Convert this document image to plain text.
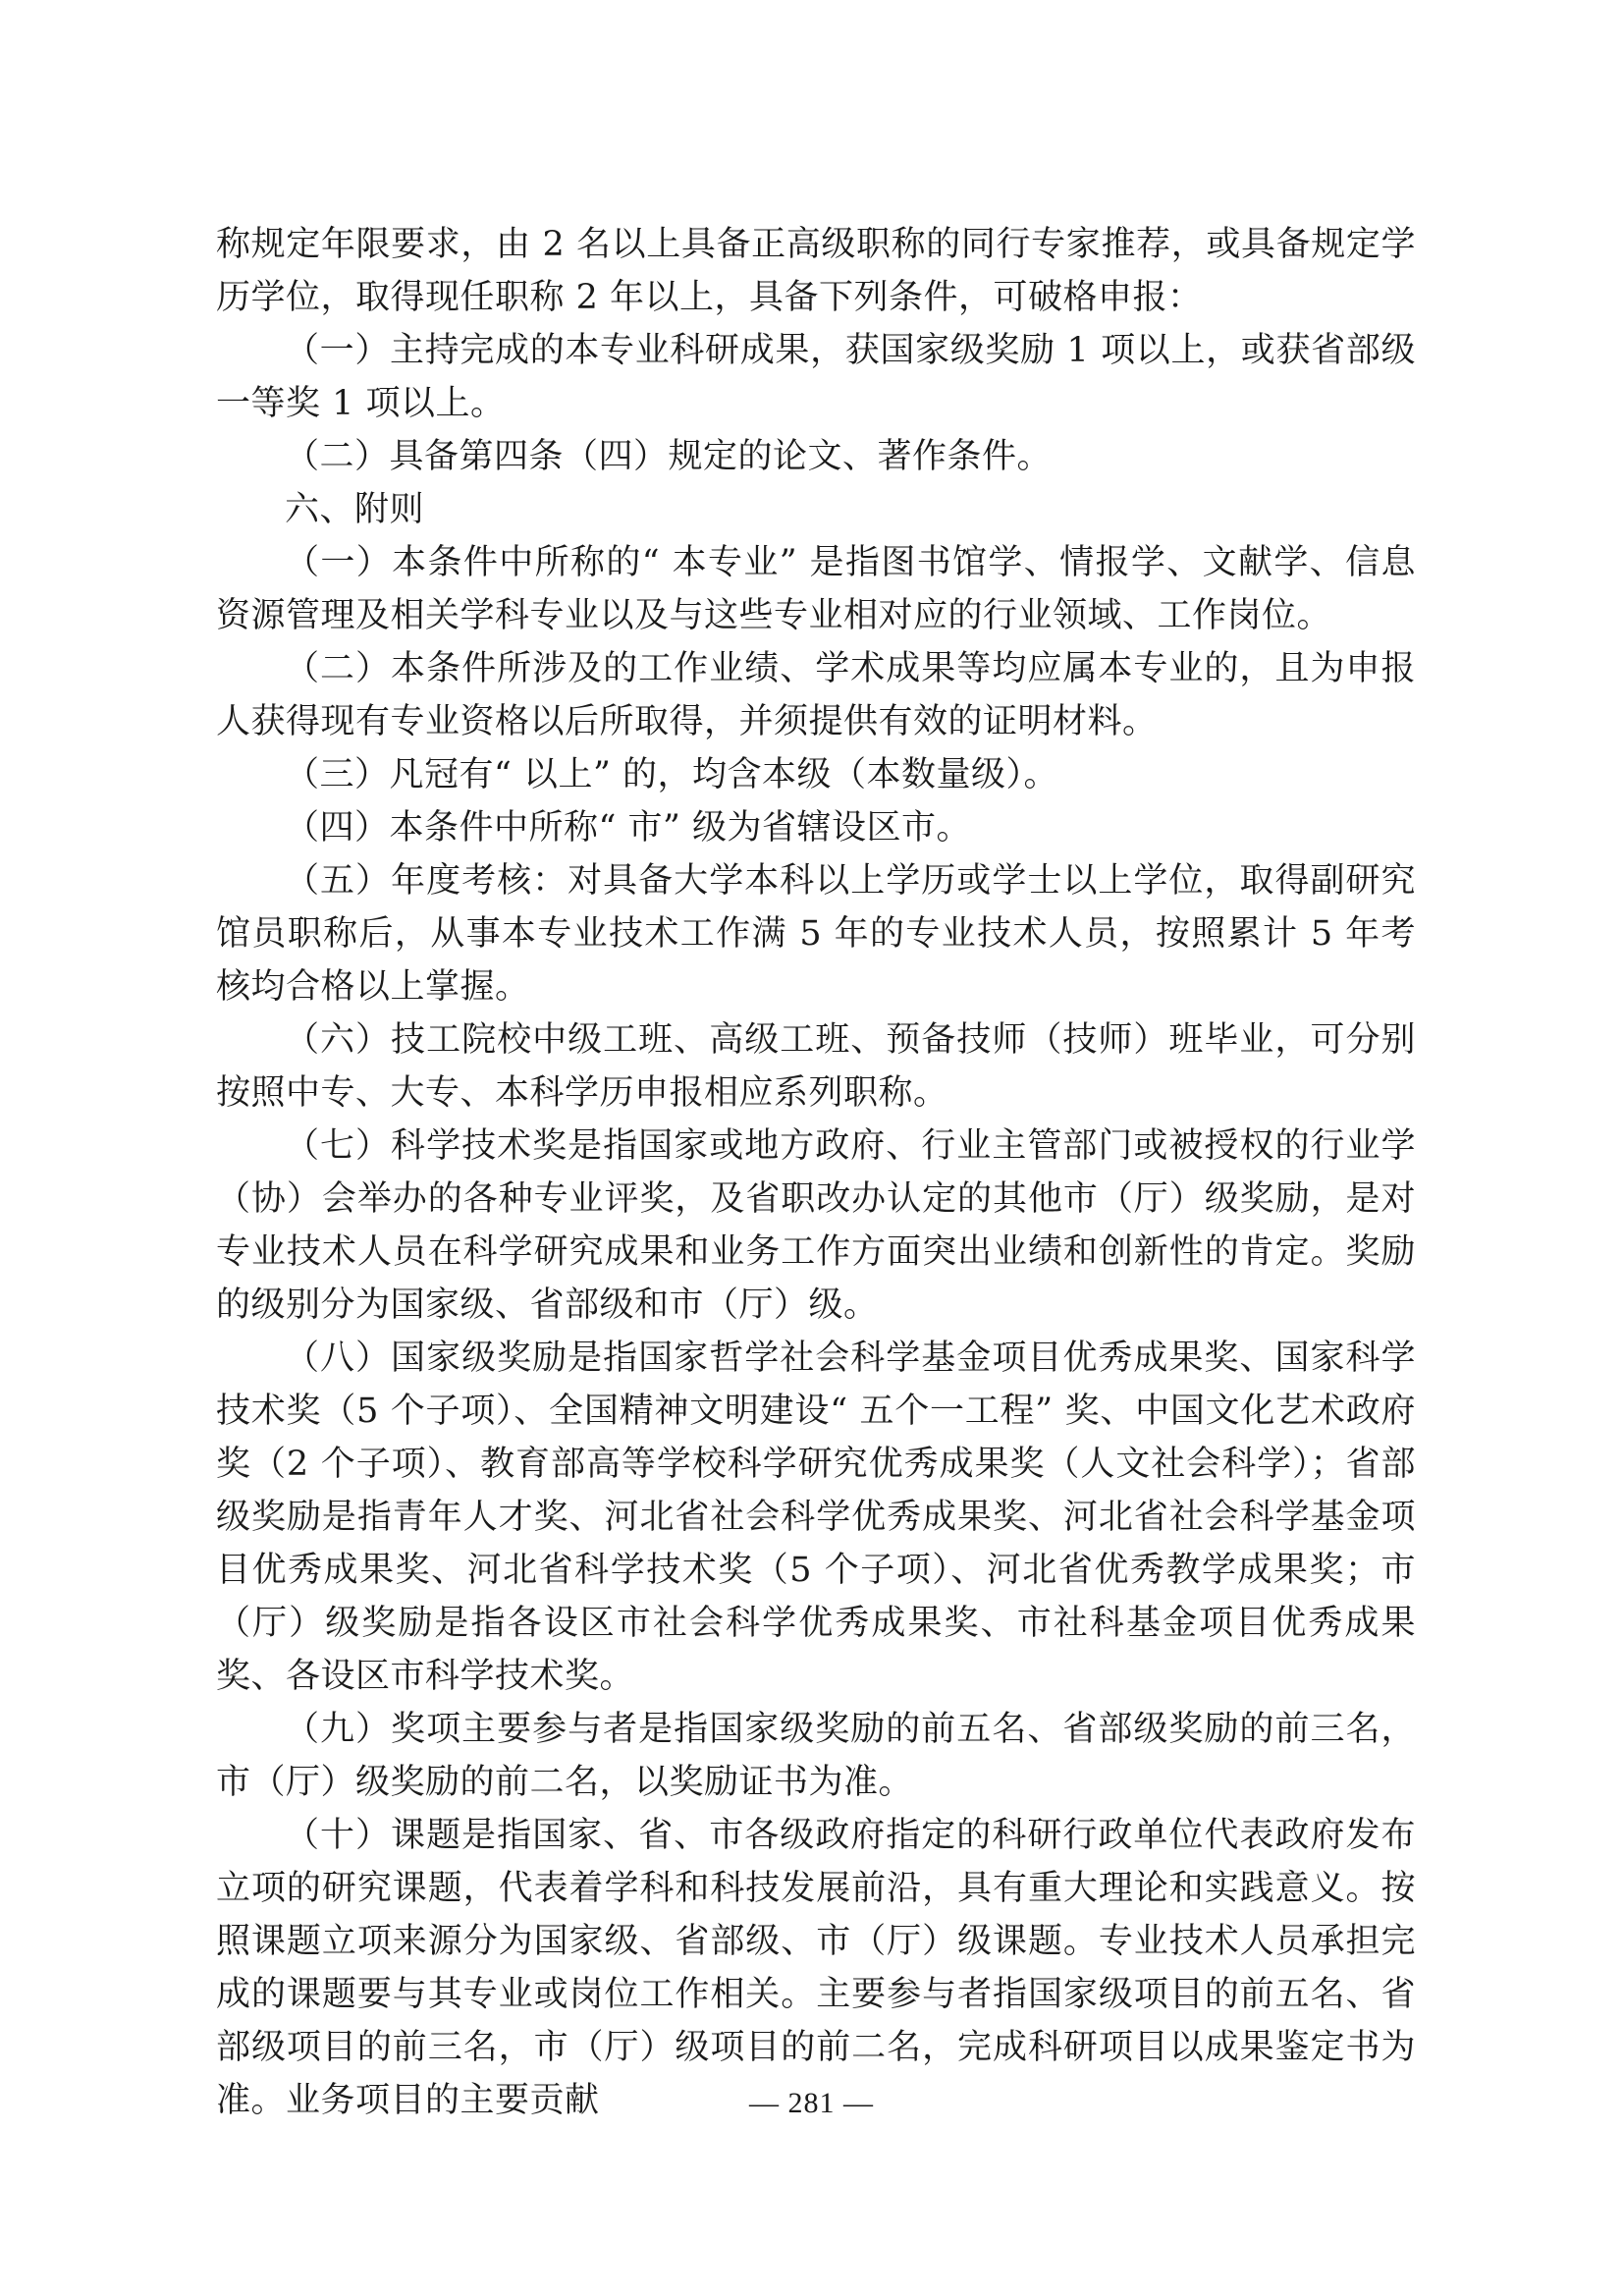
称规定年限要求，由 2 名以上具备正高级职称的同行专家推荐，或具备规定学历学位，取得现任职称 2 年以上，具备下列条件，可破格申报：

（一）主持完成的本专业科研成果，获国家级奖励 1 项以上，或获省部级一等奖 1 项以上。

（二）具备第四条（四）规定的论文、著作条件。

六、附则

（一）本条件中所称的“ 本专业” 是指图书馆学、情报学、文献学、信息资源管理及相关学科专业以及与这些专业相对应的行业领域、工作岗位。

（二）本条件所涉及的工作业绩、学术成果等均应属本专业的，且为申报人获得现有专业资格以后所取得，并须提供有效的证明材料。

（三）凡冠有“ 以上” 的，均含本级（本数量级）。

（四）本条件中所称“ 市” 级为省辖设区市。

（五）年度考核：对具备大学本科以上学历或学士以上学位，取得副研究馆员职称后，从事本专业技术工作满 5 年的专业技术人员，按照累计 5 年考核均合格以上掌握。

（六）技工院校中级工班、高级工班、预备技师（技师）班毕业，可分别按照中专、大专、本科学历申报相应系列职称。

（七）科学技术奖是指国家或地方政府、行业主管部门或被授权的行业学（协）会举办的各种专业评奖，及省职改办认定的其他市（厅）级奖励，是对专业技术人员在科学研究成果和业务工作方面突出业绩和创新性的肯定。奖励的级别分为国家级、省部级和市（厅）级。

（八）国家级奖励是指国家哲学社会科学基金项目优秀成果奖、国家科学技术奖（5 个子项）、全国精神文明建设“ 五个一工程” 奖、中国文化艺术政府奖（2 个子项）、教育部高等学校科学研究优秀成果奖（人文社会科学）；省部级奖励是指青年人才奖、河北省社会科学优秀成果奖、河北省社会科学基金项目优秀成果奖、河北省科学技术奖（5 个子项）、河北省优秀教学成果奖；市（厅）级奖励是指各设区市社会科学优秀成果奖、市社科基金项目优秀成果奖、各设区市科学技术奖。

（九）奖项主要参与者是指国家级奖励的前五名、省部级奖励的前三名，市（厅）级奖励的前二名，以奖励证书为准。

（十）课题是指国家、省、市各级政府指定的科研行政单位代表政府发布立项的研究课题，代表着学科和科技发展前沿，具有重大理论和实践意义。按照课题立项来源分为国家级、省部级、市（厅）级课题。专业技术人员承担完成的课题要与其专业或岗位工作相关。主要参与者指国家级项目的前五名、省部级项目的前三名，市（厅）级项目的前二名，完成科研项目以成果鉴定书为准。业务项目的主要贡献	— 281 —
